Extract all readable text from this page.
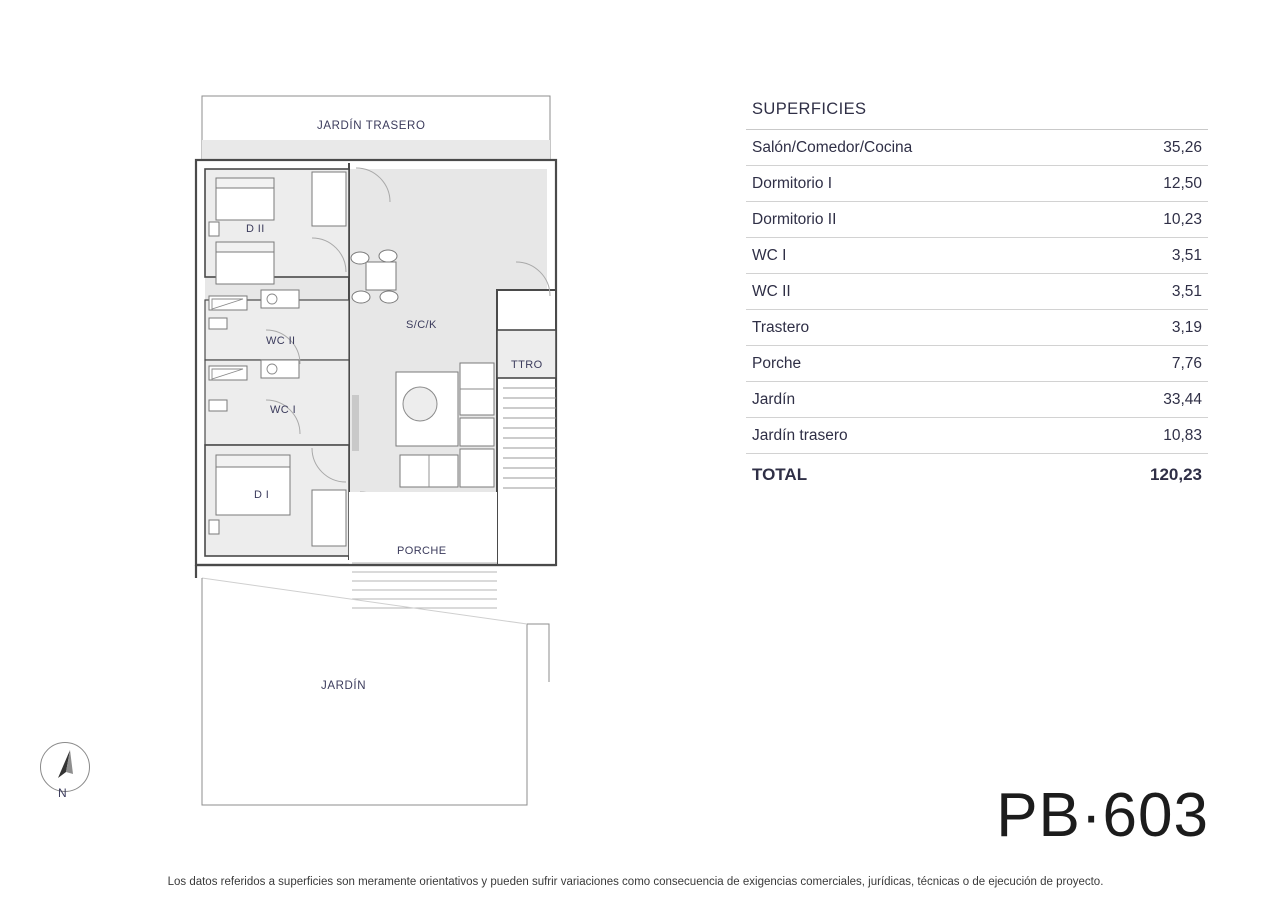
JARDÍN TRASERO
JARDÍN
PORCHE
TTRO
S/C/K
D I
D II
WC I
WC II
N
SUPERFICIES
Salón/Comedor/Cocina	35,26
Dormitorio I	12,50
Dormitorio II	10,23
WC I	3,51
WC II	3,51
Trastero	3,19
Porche	7,76
Jardín	33,44
Jardín trasero	10,83
TOTAL	120,23
PB·603
Los datos referidos a superficies son meramente orientativos y pueden sufrir variaciones como consecuencia de exigencias comerciales, jurídicas, técnicas o de ejecución de proyecto.
